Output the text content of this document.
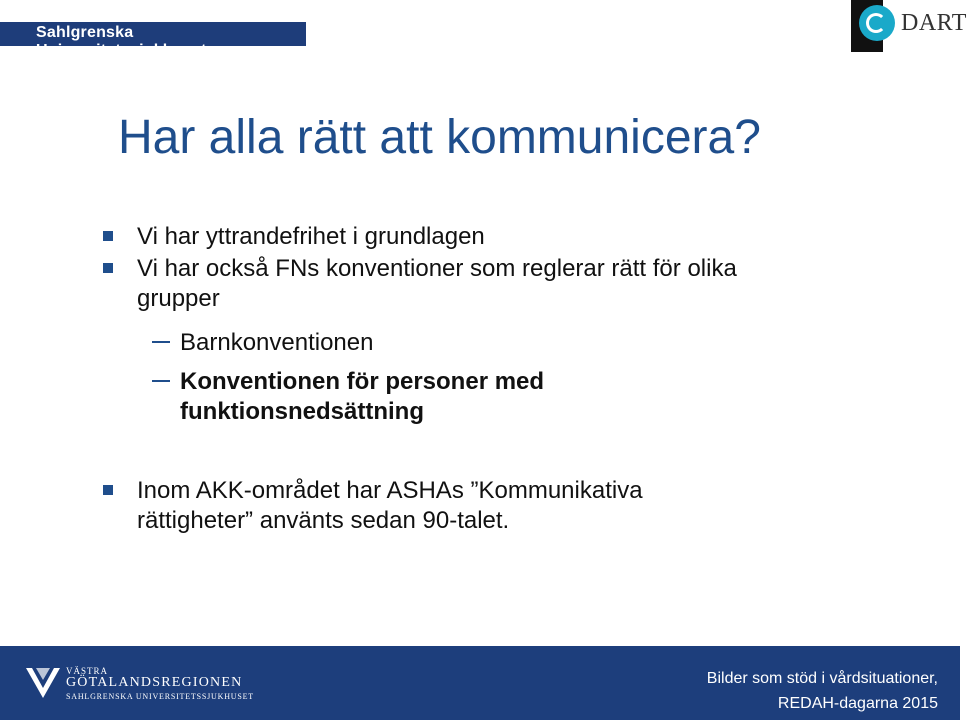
Sahlgrenska Universitetssjukhuset
DART
Har alla rätt att kommunicera?
Vi har yttrandefrihet i grundlagen
Vi har också FNs konventioner som reglerar rätt för olika
grupper
Barnkonventionen
Konventionen för personer med
funktionsnedsättning
Inom AKK-området har ASHAs ”Kommunikativa
rättigheter” använts sedan 90-talet.
VÄSTRA
GÖTALANDSREGIONEN
SAHLGRENSKA UNIVERSITETSSJUKHUSET
Bilder som stöd i vårdsituationer,
REDAH-dagarna 2015
